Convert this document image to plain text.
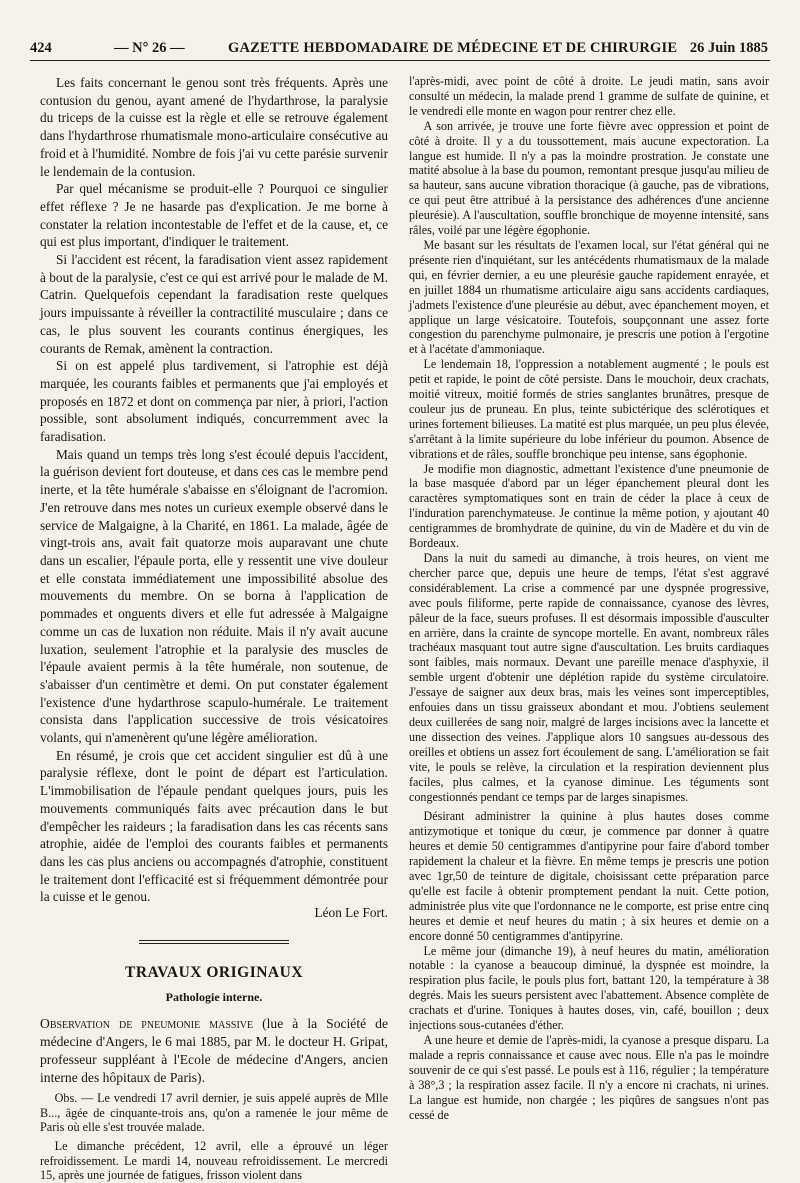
424	— N° 26 —	GAZETTE HEBDOMADAIRE DE MÉDECINE ET DE CHIRURGIE 26 Juin 1885

Les faits concernant le genou sont très fréquents. Après une contusion du genou, ayant amené de l'hydarthrose, la paralysie du triceps de la cuisse est la règle et elle se retrouve également dans l'hydarthrose rhumatismale mono-articulaire consécutive au froid et à l'humidité. Nombre de fois j'ai vu cette parésie survenir le lendemain de la contusion.

Par quel mécanisme se produit-elle ? Pourquoi ce singulier effet réflexe ? Je ne hasarde pas d'explication. Je me borne à constater la relation incontestable de l'effet et de la cause, et, ce qui est plus important, d'indiquer le traitement.

Si l'accident est récent, la faradisation vient assez rapidement à bout de la paralysie, c'est ce qui est arrivé pour le malade de M. Catrin. Quelquefois cependant la faradisation reste quelques jours impuissante à réveiller la contractilité musculaire ; dans ce cas, le plus souvent les courants continus énergiques, les courants de Remak, amènent la contraction.

Si on est appelé plus tardivement, si l'atrophie est déjà marquée, les courants faibles et permanents que j'ai employés et proposés en 1872 et dont on commença par nier, à priori, l'action possible, sont absolument indiqués, concurremment avec la faradisation.

Mais quand un temps très long s'est écoulé depuis l'accident, la guérison devient fort douteuse, et dans ces cas le membre pend inerte, et la tête humérale s'abaisse en s'éloignant de l'acromion. J'en retrouve dans mes notes un curieux exemple observé dans le service de Malgaigne, à la Charité, en 1861. La malade, âgée de vingt-trois ans, avait fait quatorze mois auparavant une chute dans un escalier, l'épaule porta, elle y ressentit une vive douleur et elle constata immédiatement une impossibilité absolue des mouvements du membre. On se borna à l'application de pommades et onguents divers et elle fut adressée à Malgaigne comme un cas de luxation non réduite. Mais il n'y avait aucune luxation, seulement l'atrophie et la paralysie des muscles de l'épaule avaient permis à la tête humérale, non soutenue, de s'abaisser d'un centimètre et demi. On put constater également l'existence d'une hydarthrose scapulo-humérale. Le traitement consista dans l'application successive de trois vésicatoires volants, qui n'amenèrent qu'une légère amélioration.

En résumé, je crois que cet accident singulier est dû à une paralysie réflexe, dont le point de départ est l'articulation. L'immobilisation de l'épaule pendant quelques jours, puis les mouvements communiqués faits avec précaution dans le but d'empêcher les raideurs ; la faradisation dans les cas récents sans atrophie, aidée de l'emploi des courants faibles et permanents dans les cas plus anciens ou accompagnés d'atrophie, constituent le traitement dont l'efficacité est si fréquemment démontrée pour la cuisse et le genou.

Léon Le Fort.
TRAVAUX ORIGINAUX
Pathologie interne.

Observation de pneumonie massive (lue à la Société de médecine d'Angers, le 6 mai 1885, par M. le docteur H. Gripat, professeur suppléant à l'Ecole de médecine d'Angers, ancien interne des hôpitaux de Paris).

Obs. — Le vendredi 17 avril dernier, je suis appelé auprès de Mlle B..., âgée de cinquante-trois ans, qu'on a ramenée le jour même de Paris où elle s'est trouvée malade.

Le dimanche précédent, 12 avril, elle a éprouvé un léger refroidissement. Le mardi 14, nouveau refroidissement. Le mercredi 15, après une journée de fatigues, frisson violent dans

l'après-midi, avec point de côté à droite. Le jeudi matin, sans avoir consulté un médecin, la malade prend 1 gramme de sulfate de quinine, et le vendredi elle monte en wagon pour rentrer chez elle.

A son arrivée, je trouve une forte fièvre avec oppression et point de côté à droite. Il y a du toussottement, mais aucune expectoration. La langue est humide. Il n'y a pas la moindre prostration. Je constate une matité absolue à la base du poumon, remontant presque jusqu'au milieu de sa hauteur, sans aucune vibration thoracique (à gauche, pas de vibrations, ce qui peut être attribué à la persistance des adhérences d'une ancienne pleurésie). A l'auscultation, souffle bronchique de moyenne intensité, sans râles, voilé par une légère égophonie.

Me basant sur les résultats de l'examen local, sur l'état général qui ne présente rien d'inquiétant, sur les antécédents rhumatismaux de la malade qui, en février dernier, a eu une pleurésie gauche rapidement enrayée, et en juillet 1884 un rhumatisme articulaire aigu sans accidents cardiaques, j'admets l'existence d'une pleurésie au début, avec épanchement moyen, et applique un large vésicatoire. Toutefois, soupçonnant une assez forte congestion du parenchyme pulmonaire, je prescris une potion à l'ergotine et à l'acétate d'ammoniaque.

Le lendemain 18, l'oppression a notablement augmenté ; le pouls est petit et rapide, le point de côté persiste. Dans le mouchoir, deux crachats, moitié vitreux, moitié formés de stries sanglantes brunâtres, presque de couleur jus de pruneau. En plus, teinte subictérique des sclérotiques et urines fortement bilieuses. La matité est plus marquée, un peu plus élevée, s'arrêtant à la limite supérieure du lobe inférieur du poumon. Absence de vibrations et de râles, souffle bronchique peu intense, sans égophonie.

Je modifie mon diagnostic, admettant l'existence d'une pneumonie de la base masquée d'abord par un léger épanchement pleural dont les caractères symptomatiques sont en train de céder la place à ceux de l'induration parenchymateuse. Je continue la même potion, y ajoutant 40 centigrammes de bromhydrate de quinine, du vin de Madère et du vin de Bordeaux.

Dans la nuit du samedi au dimanche, à trois heures, on vient me chercher parce que, depuis une heure de temps, l'état s'est aggravé considérablement. La crise a commencé par une dyspnée progressive, avec pouls filiforme, perte rapide de connaissance, cyanose des lèvres, pâleur de la face, sueurs profuses. Il est désormais impossible d'ausculter en arrière, dans la crainte de syncope mortelle. En avant, nombreux râles trachéaux masquant tout autre signe d'auscultation. Les bruits cardiaques sont faibles, mais normaux. Devant une pareille menace d'asphyxie, il semble urgent d'obtenir une déplétion rapide du système circulatoire. J'essaye de saigner aux deux bras, mais les veines sont imperceptibles, enfouies dans un tissu graisseux abondant et mou. J'obtiens seulement deux cuillerées de sang noir, malgré de larges incisions avec la lancette et une dissection des veines. J'applique alors 10 sangsues au-dessous des oreilles et obtiens un assez fort écoulement de sang. L'amélioration se fait vite, le pouls se relève, la circulation et la respiration deviennent plus faciles, plus calmes, et la cyanose diminue. Les téguments sont congestionnés pendant ce temps par de larges sinapismes.

Désirant administrer la quinine à plus hautes doses comme antizymotique et tonique du cœur, je commence par donner à quatre heures et demie 50 centigrammes d'antipyrine pour faire d'abord tomber rapidement la chaleur et la fièvre. En même temps je prescris une potion avec 1gr,50 de teinture de digitale, choisissant cette préparation parce qu'elle est facile à obtenir promptement pendant la nuit. Cette potion, administrée plus vite que l'ordonnance ne le comporte, est prise entre cinq heures et demie et neuf heures du matin ; à six heures et demie on a encore donné 50 centigrammes d'antipyrine.

Le même jour (dimanche 19), à neuf heures du matin, amélioration notable : la cyanose a beaucoup diminué, la dyspnée est moindre, la respiration plus facile, le pouls plus fort, battant 120, la température à 38 degrés. Mais les sueurs persistent avec l'abattement. Absence complète de crachats et d'urine. Toniques à hautes doses, vin, café, bouillon ; deux injections sous-cutanées d'éther.

A une heure et demie de l'après-midi, la cyanose a presque disparu. La malade a repris connaissance et cause avec nous. Elle n'a pas le moindre souvenir de ce qui s'est passé. Le pouls est à 116, régulier ; la température à 38°,3 ; la respiration assez facile. Il n'y a encore ni crachats, ni urines. La langue est humide, non chargée ; les piqûres de sangsues n'ont pas cessé de
